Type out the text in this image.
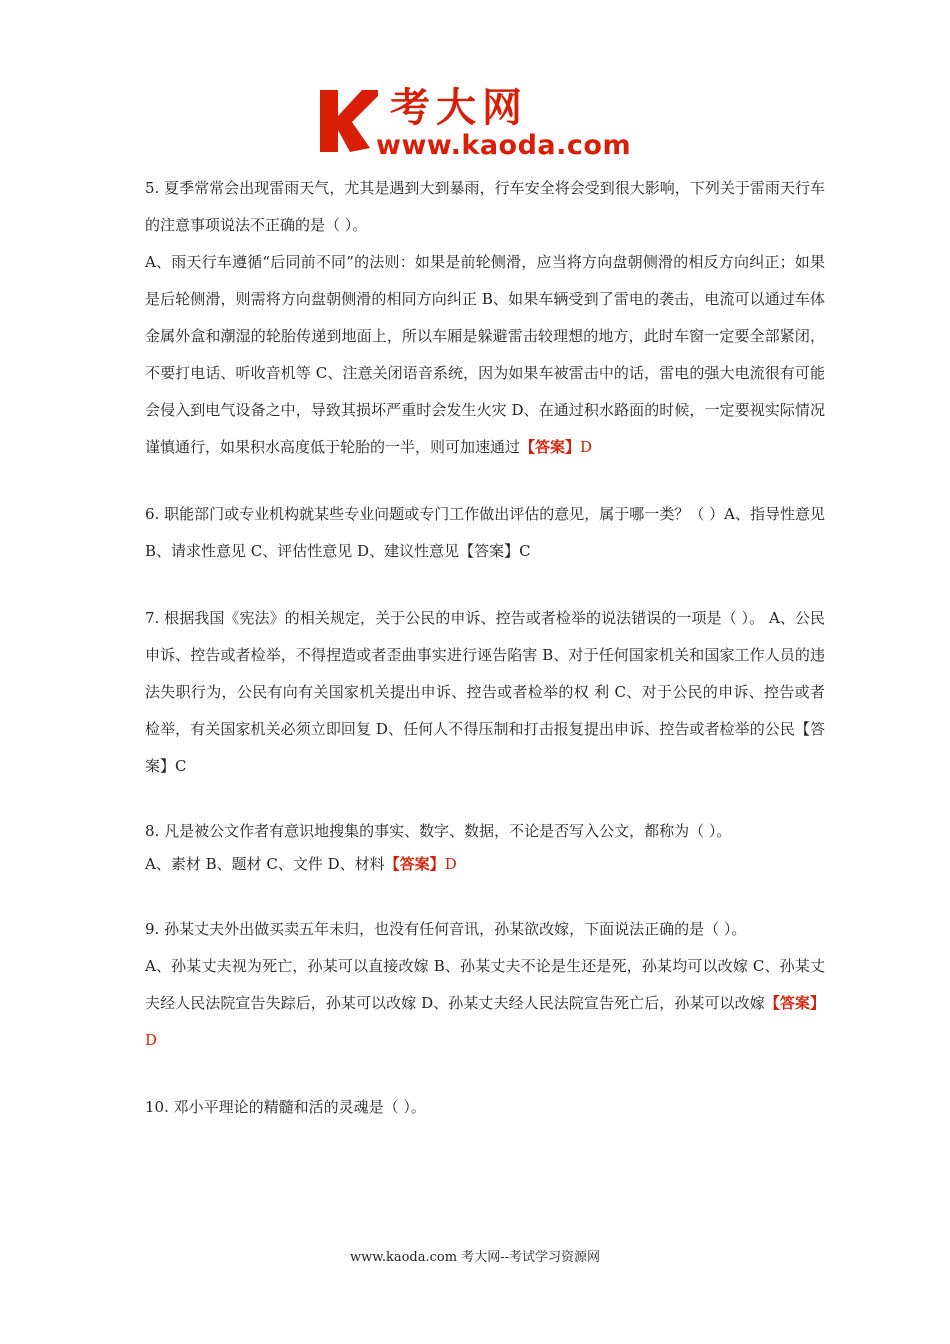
考大网
www.kaoda.com

5. 夏季常常会出现雷雨天气，尤其是遇到大到暴雨，行车安全将会受到很大影响，下列关于雷雨天行车的注意事项说法不正确的是（ ）。

A、雨天行车遵循“后同前不同”的法则：如果是前轮侧滑，应当将方向盘朝侧滑的相反方向纠正；如果是后轮侧滑，则需将方向盘朝侧滑的相同方向纠正 B、如果车辆受到了雷电的袭击，电流可以通过车体金属外盒和潮湿的轮胎传递到地面上，所以车厢是躲避雷击较理想的地方，此时车窗一定要全部紧闭，不要打电话、听收音机等 C、注意关闭语音系统，因为如果车被雷击中的话，雷电的强大电流很有可能会侵入到电气设备之中，导致其损坏严重时会发生火灾 D、在通过积水路面的时候，一定要视实际情况谨慎通行，如果积水高度低于轮胎的一半，则可加速通过【答案】D

6. 职能部门或专业机构就某些专业问题或专门工作做出评估的意见，属于哪一类？（ ）A、指导性意见 B、请求性意见 C、评估性意见 D、建议性意见【答案】C

7. 根据我国《宪法》的相关规定，关于公民的申诉、控告或者检举的说法错误的一项是（ ）。 A、公民申诉、控告或者检举，不得捏造或者歪曲事实进行诬告陷害 B、对于任何国家机关和国家工作人员的违法失职行为，公民有向有关国家机关提出申诉、控告或者检举的权 利 C、对于公民的申诉、控告或者检举，有关国家机关必须立即回复 D、任何人不得压制和打击报复提出申诉、控告或者检举的公民【答案】C

8. 凡是被公文作者有意识地搜集的事实、数字、数据，不论是否写入公文，都称为（ ）。

A、素材 B、题材 C、文件 D、材料【答案】D

9. 孙某丈夫外出做买卖五年未归，也没有任何音讯，孙某欲改嫁，下面说法正确的是（ ）。

A、孙某丈夫视为死亡，孙某可以直接改嫁 B、孙某丈夫不论是生还是死，孙某均可以改嫁 C、孙某丈夫经人民法院宣告失踪后，孙某可以改嫁 D、孙某丈夫经人民法院宣告死亡后，孙某可以改嫁【答案】D

10. 邓小平理论的精髓和活的灵魂是（ ）。

www.kaoda.com 考大网--考试学习资源网
